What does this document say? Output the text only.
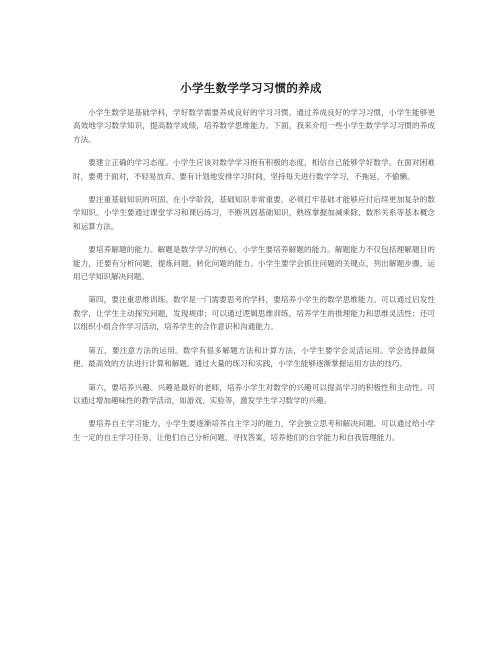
小学生数学学习习惯的养成

小学生数学是基础学科，学好数学需要养成良好的学习习惯。通过养成良好的学习习惯，小学生能够更高效地学习数学知识，提高数学成绩，培养数学思维能力。下面，我来介绍一些小学生数学学习习惯的养成方法。

要建立正确的学习态度。小学生应该对数学学习抱有积极的态度，相信自己能够学好数学。在面对困难时，要勇于面对，不轻易放弃。要有计划地安排学习时间，坚持每天进行数学学习，不拖延，不偷懒。

要注重基础知识的巩固。在小学阶段，基础知识非常重要，必须打牢基础才能够应付后续更加复杂的数学知识。小学生要通过课堂学习和课后练习，不断巩固基础知识，熟练掌握加减乘除、数形关系等基本概念和运算方法。

要培养解题的能力。解题是数学学习的核心，小学生要培养解题的能力。解题能力不仅包括理解题目的能力，还要有分析问题、提炼问题、转化问题的能力。小学生要学会抓住问题的关键点，列出解题步骤，运用已学知识解决问题。

第四，要注重思维训练。数学是一门需要思考的学科，要培养小学生的数学思维能力。可以通过启发性教学，让学生主动探究问题，发现规律；可以通过逻辑思维训练，培养学生的推理能力和思维灵活性；还可以组织小组合作学习活动，培养学生的合作意识和沟通能力。

第五，要注意方法的运用。数学有很多解题方法和计算方法，小学生要学会灵活运用。学会选择最简便、最高效的方法进行计算和解题。通过大量的练习和实践，小学生能够逐渐掌握运用方法的技巧。

第六，要培养兴趣。兴趣是最好的老师，培养小学生对数学的兴趣可以提高学习的积极性和主动性。可以通过增加趣味性的教学活动，如游戏、实验等，激发学生学习数学的兴趣。

要培养自主学习能力。小学生要逐渐培养自主学习的能力，学会独立思考和解决问题。可以通过给小学生一定的自主学习任务，让他们自己分析问题、寻找答案，培养他们的自学能力和自我管理能力。
